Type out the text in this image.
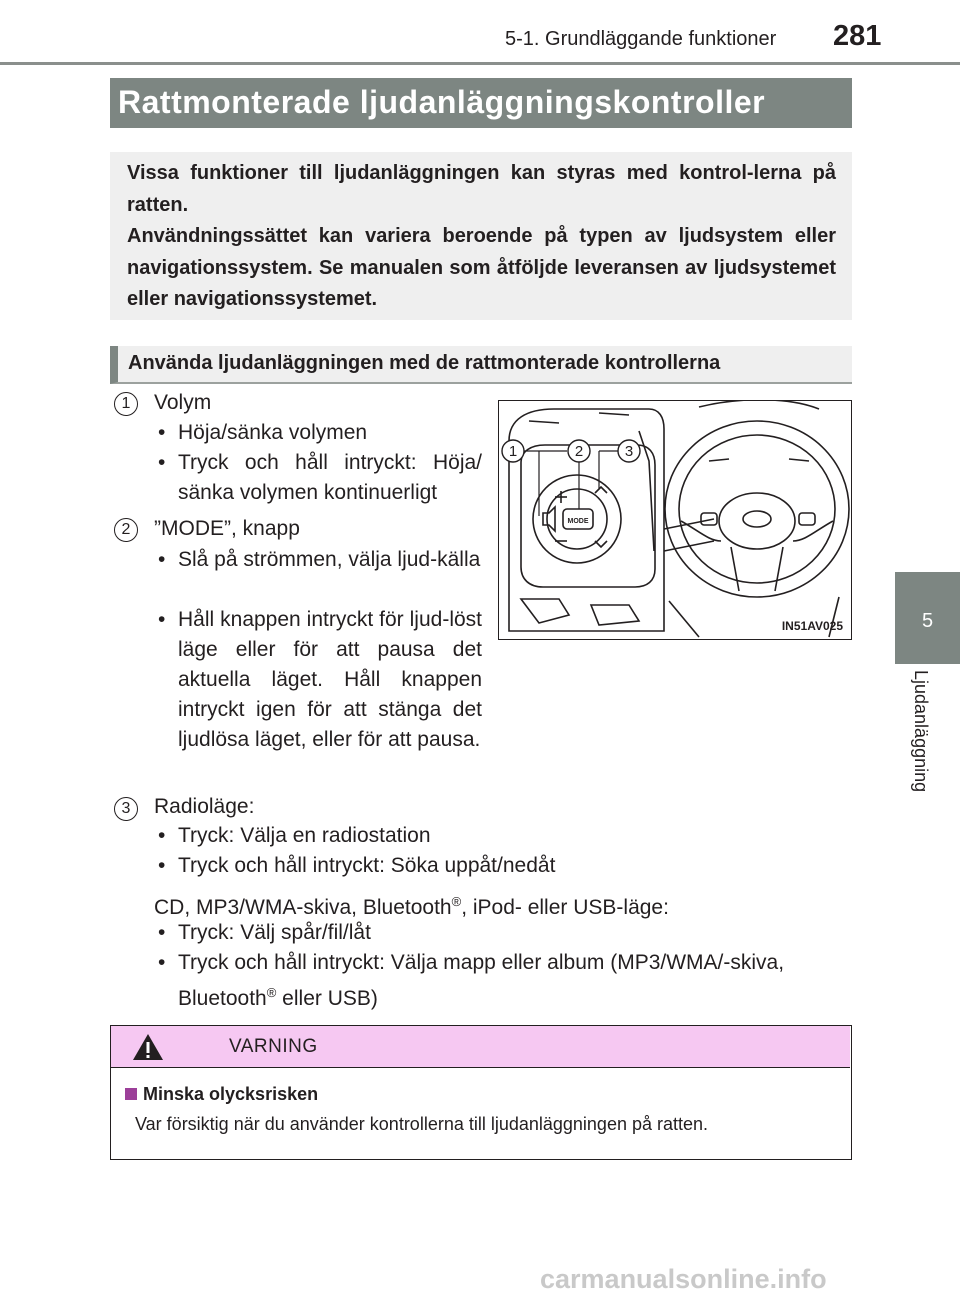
5-1. Grundläggande funktioner 281
5
Ljudanläggning
Rattmonterade ljudanläggningskontroller

Vissa funktioner till ljudanläggningen kan styras med kontrol-lerna på ratten.

Användningssättet kan variera beroende på typen av ljudsystem eller navigationssystem. Se manualen som åtföljde leveransen av ljudsystemet eller navigationssystemet.

Använda ljudanläggningen med de rattmonterade kontrollerna
1	Volym
• Höja/sänka volymen
• Tryck och håll intryckt: Höja/ sänka volymen kontinuerligt
2	”MODE”, knapp
• Slå på strömmen, välja ljud-källa
• Håll knappen intryckt för ljud-löst läge eller för att pausa det aktuella läget. Håll knappen intryckt igen för att stänga det ljudlösa läget, eller för att pausa.
1	2	3
MODE
IN51AV025
3	Radioläge:
• Tryck: Välja en radiostation
• Tryck och håll intryckt: Söka uppåt/nedåt
CD, MP3/WMA-skiva, Bluetooth®, iPod- eller USB-läge:
• Tryck: Välj spår/fil/låt
• Tryck och håll intryckt: Välja mapp eller album (MP3/WMA/-skiva,
Bluetooth® eller USB)
VARNING
Minska olycksrisken
Var försiktig när du använder kontrollerna till ljudanläggningen på ratten.
carmanualsonline.info
